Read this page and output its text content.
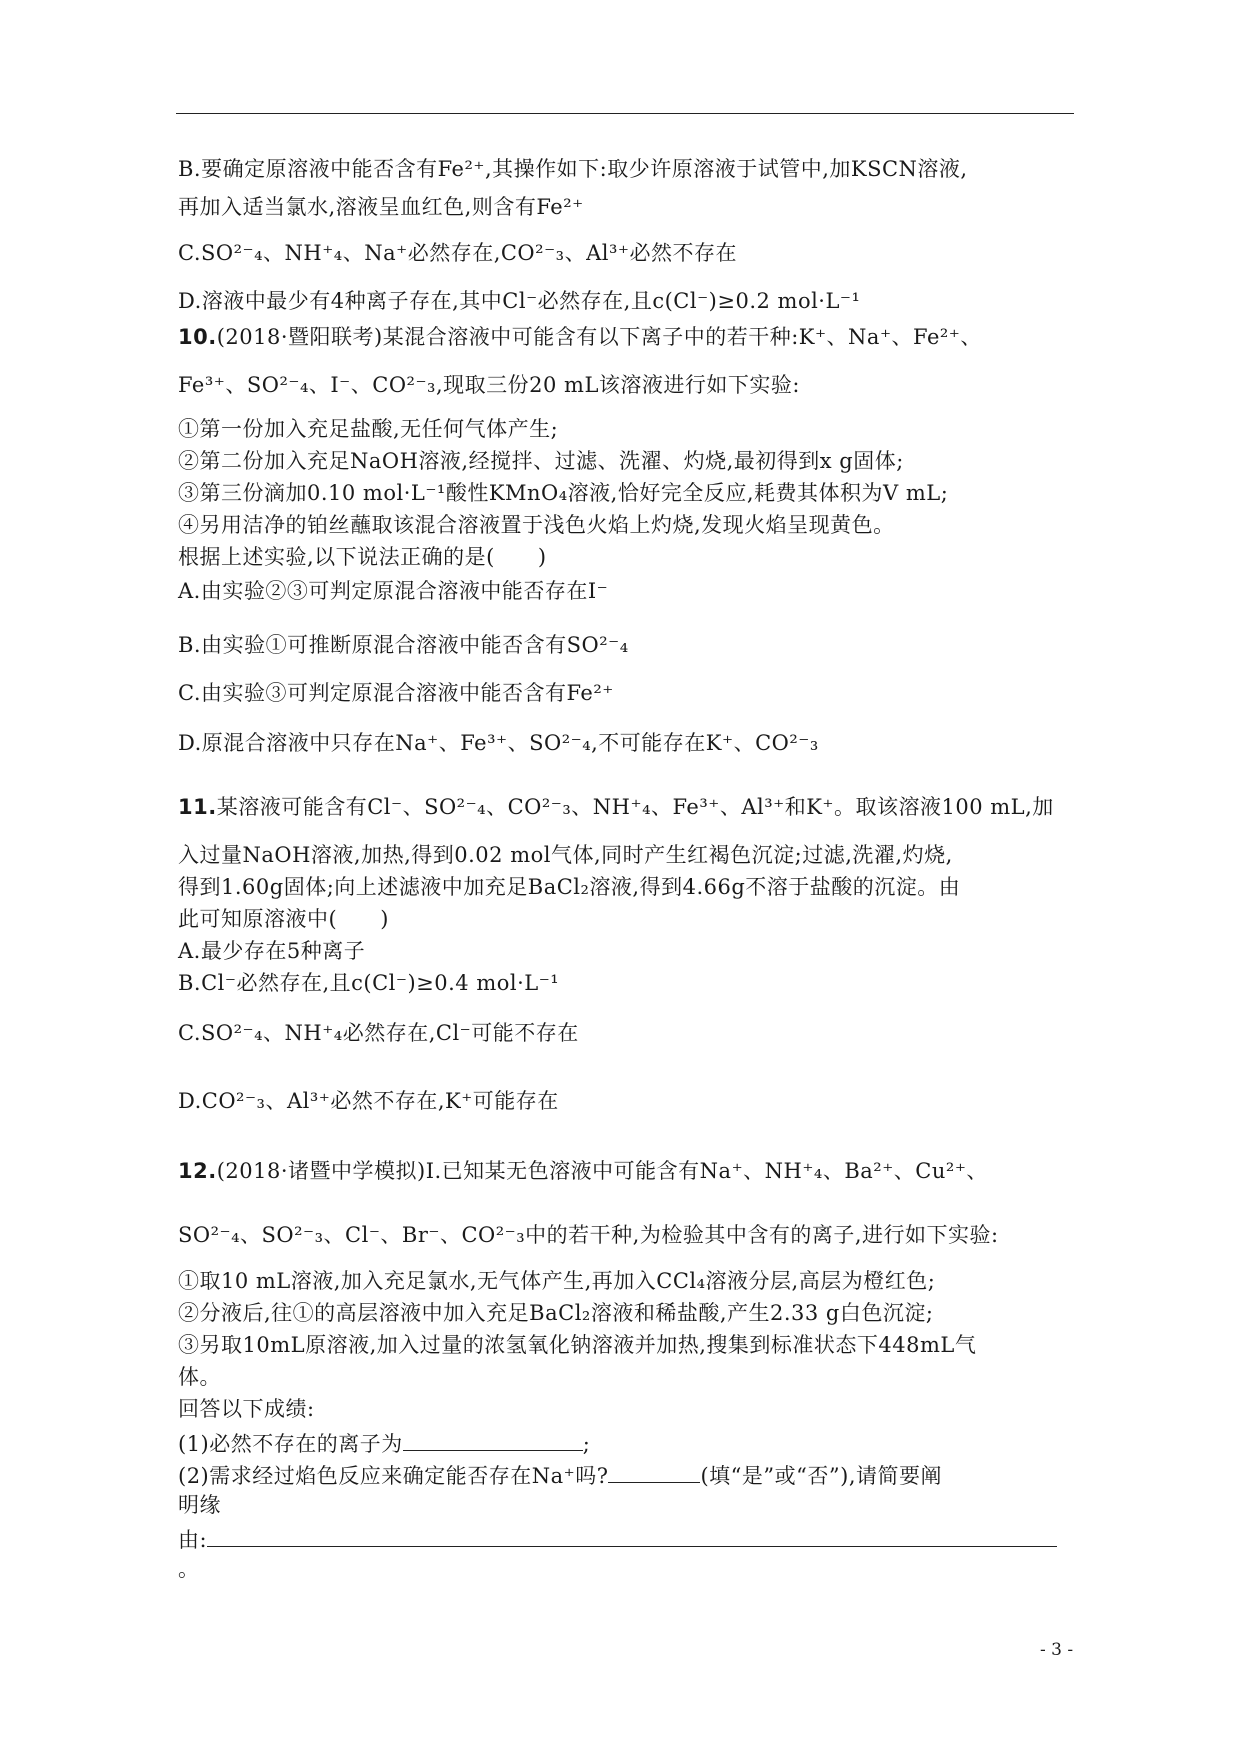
B.要确定原溶液中能否含有Fe²⁺,其操作如下:取少许原溶液于试管中,加KSCN溶液,
再加入适当氯水,溶液呈血红色,则含有Fe²⁺
C.SO²⁻₄、NH⁺₄、Na⁺必然存在,CO²⁻₃、Al³⁺必然不存在
D.溶液中最少有4种离子存在,其中Cl⁻必然存在,且c(Cl⁻)≥0.2 mol·L⁻¹
10.(2018·暨阳联考)某混合溶液中可能含有以下离子中的若干种:K⁺、Na⁺、Fe²⁺、
Fe³⁺、SO²⁻₄、I⁻、CO²⁻₃,现取三份20 mL该溶液进行如下实验:
①第一份加入充足盐酸,无任何气体产生;
②第二份加入充足NaOH溶液,经搅拌、过滤、洗濯、灼烧,最初得到x g固体;
③第三份滴加0.10 mol·L⁻¹酸性KMnO₄溶液,恰好完全反应,耗费其体积为V mL;
④另用洁净的铂丝蘸取该混合溶液置于浅色火焰上灼烧,发现火焰呈现黄色。
根据上述实验,以下说法正确的是(　　)
A.由实验②③可判定原混合溶液中能否存在I⁻
B.由实验①可推断原混合溶液中能否含有SO²⁻₄
C.由实验③可判定原混合溶液中能否含有Fe²⁺
D.原混合溶液中只存在Na⁺、Fe³⁺、SO²⁻₄,不可能存在K⁺、CO²⁻₃
11.某溶液可能含有Cl⁻、SO²⁻₄、CO²⁻₃、NH⁺₄、Fe³⁺、Al³⁺和K⁺。取该溶液100 mL,加
入过量NaOH溶液,加热,得到0.02 mol气体,同时产生红褐色沉淀;过滤,洗濯,灼烧,
得到1.60g固体;向上述滤液中加充足BaCl₂溶液,得到4.66g不溶于盐酸的沉淀。由
此可知原溶液中(　　)
A.最少存在5种离子
B.Cl⁻必然存在,且c(Cl⁻)≥0.4 mol·L⁻¹
C.SO²⁻₄、NH⁺₄必然存在,Cl⁻可能不存在
D.CO²⁻₃、Al³⁺必然不存在,K⁺可能存在
12.(2018·诸暨中学模拟)Ⅰ.已知某无色溶液中可能含有Na⁺、NH⁺₄、Ba²⁺、Cu²⁺、
SO²⁻₄、SO²⁻₃、Cl⁻、Br⁻、CO²⁻₃中的若干种,为检验其中含有的离子,进行如下实验:
①取10 mL溶液,加入充足氯水,无气体产生,再加入CCl₄溶液分层,高层为橙红色;
②分液后,往①的高层溶液中加入充足BaCl₂溶液和稀盐酸,产生2.33 g白色沉淀;
③另取10mL原溶液,加入过量的浓氢氧化钠溶液并加热,搜集到标准状态下448mL气
体。
回答以下成绩:
(1)必然不存在的离子为	;
(2)需求经过焰色反应来确定能否存在Na⁺吗?	(填“是”或“否”),请简要阐
明缘
由:
。
- 3 -
